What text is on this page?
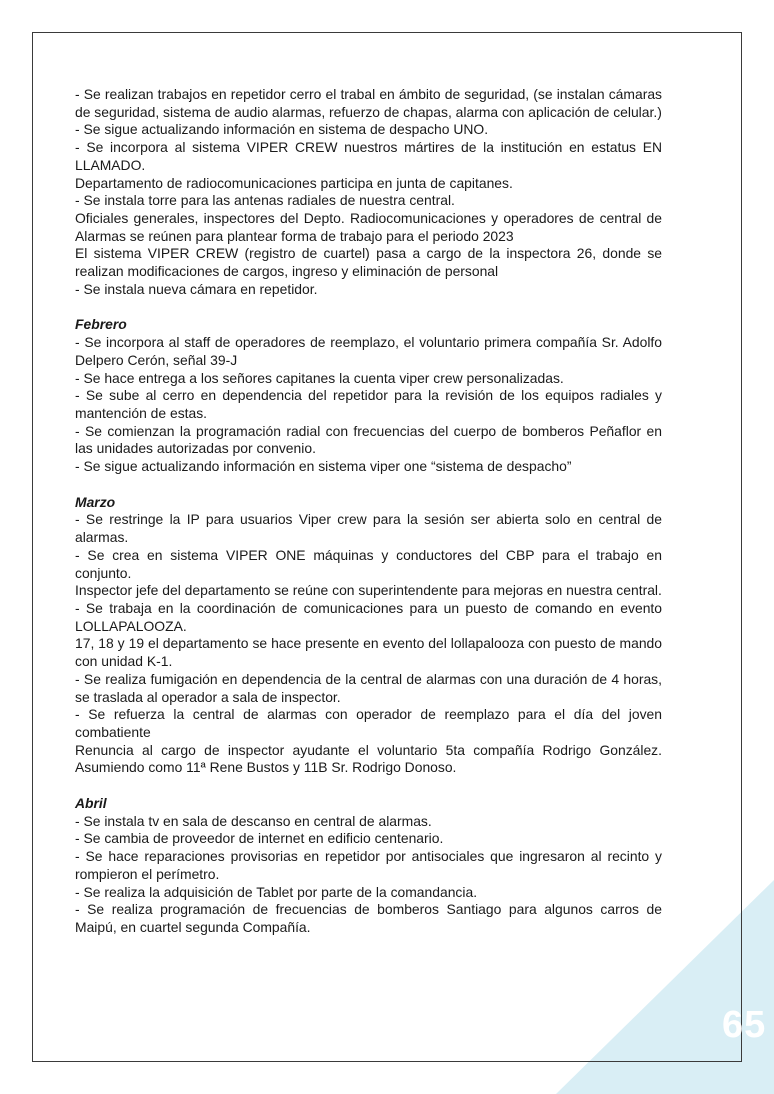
65

- Se realizan trabajos en repetidor cerro el trabal en ámbito de seguridad, (se instalan cámaras de seguridad, sistema de audio alarmas, refuerzo de chapas, alarma con aplicación de celular.)

- Se sigue actualizando información en sistema de despacho UNO.

- Se incorpora al sistema VIPER CREW nuestros mártires de la institución en estatus EN LLAMADO.

Departamento de radiocomunicaciones participa en junta de capitanes.

- Se instala torre para las antenas radiales de nuestra central.

Oficiales generales, inspectores del Depto. Radiocomunicaciones y operadores de central de Alarmas se reúnen para plantear forma de trabajo para el periodo 2023

El sistema VIPER CREW (registro de cuartel) pasa a cargo de la inspectora 26, donde se realizan modificaciones de cargos, ingreso y eliminación de personal

- Se instala nueva cámara en repetidor.

Febrero

- Se incorpora al staff de operadores de reemplazo, el voluntario primera compañía Sr. Adolfo Delpero Cerón, señal 39-J

- Se hace entrega a los señores capitanes la cuenta viper crew personalizadas.

- Se sube al cerro en dependencia del repetidor para la revisión de los equipos radiales y mantención de estas.

- Se comienzan la programación radial con frecuencias del cuerpo de bomberos Peñaflor en las unidades autorizadas por convenio.

- Se sigue actualizando información en sistema viper one “sistema de despacho”

Marzo

- Se restringe la IP para usuarios Viper crew para la sesión ser abierta solo en central de alarmas.

- Se crea en sistema VIPER ONE máquinas y conductores del CBP para el trabajo en conjunto.

Inspector jefe del departamento se reúne con superintendente para mejoras en nuestra central.

- Se trabaja en la coordinación de comunicaciones para un puesto de comando en evento LOLLAPALOOZA.

17, 18 y 19 el departamento se hace presente en evento del lollapalooza con puesto de mando con unidad K-1.

- Se realiza fumigación en dependencia de la central de alarmas con una duración de 4 horas, se traslada al operador a sala de inspector.

- Se refuerza la central de alarmas con operador de reemplazo para el día del joven combatiente

Renuncia al cargo de inspector ayudante el voluntario 5ta compañía Rodrigo González. Asumiendo como 11ª Rene Bustos y 11B Sr. Rodrigo Donoso.

Abril

- Se instala tv en sala de descanso en central de alarmas.

- Se cambia de proveedor de internet en edificio centenario.

- Se hace reparaciones provisorias en repetidor por antisociales que ingresaron al recinto y rompieron el perímetro.

- Se realiza la adquisición de Tablet por parte de la comandancia.

- Se realiza programación de frecuencias de bomberos Santiago para algunos carros de Maipú, en cuartel segunda Compañía.
